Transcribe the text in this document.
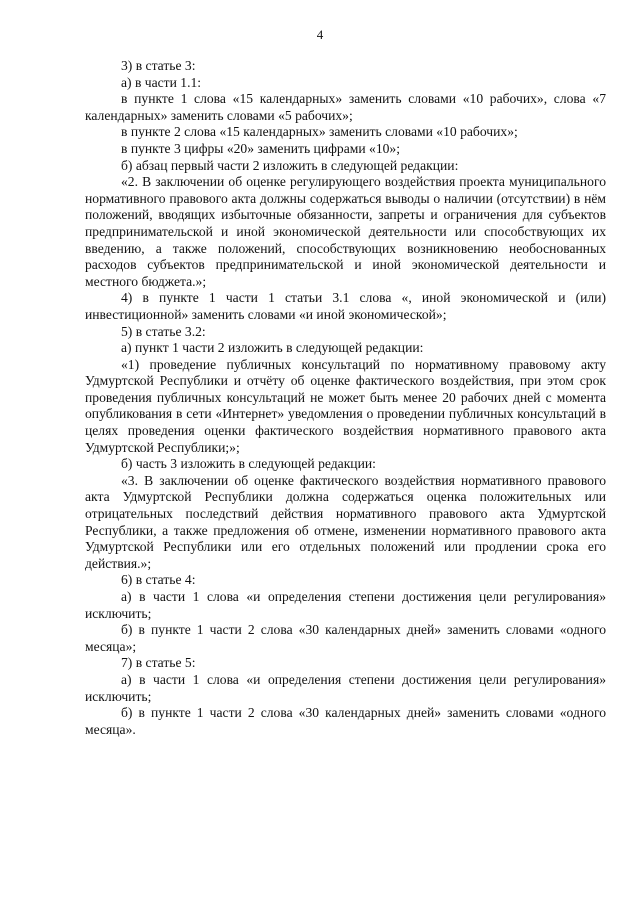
4

3) в статье 3:

а) в части 1.1:

в пункте 1 слова «15 календарных» заменить словами «10 рабочих», слова «7 календарных» заменить словами «5 рабочих»;

в пункте 2 слова «15 календарных» заменить словами «10 рабочих»;

в пункте 3 цифры «20» заменить цифрами «10»;

б) абзац первый части 2 изложить в следующей редакции:

«2. В заключении об оценке регулирующего воздействия проекта муниципального нормативного правового акта должны содержаться выводы о наличии (отсутствии) в нём положений, вводящих избыточные обязанности, запреты и ограничения для субъектов предпринимательской и иной экономической деятельности или способствующих их введению, а также положений, способствующих возникновению необоснованных расходов субъектов предпринимательской и иной экономической деятельности и местного бюджета.»;

4) в пункте 1 части 1 статьи 3.1 слова «, иной экономической и (или) инвестиционной» заменить словами «и иной экономической»;

5) в статье 3.2:

а) пункт 1 части 2 изложить в следующей редакции:

«1) проведение публичных консультаций по нормативному правовому акту Удмуртской Республики и отчёту об оценке фактического воздействия, при этом срок проведения публичных консультаций не может быть менее 20 рабочих дней с момента опубликования в сети «Интернет» уведомления о проведении публичных консультаций в целях проведения оценки фактического воздействия нормативного правового акта Удмуртской Республики;»;

б) часть 3 изложить в следующей редакции:

«3. В заключении об оценке фактического воздействия нормативного правового акта Удмуртской Республики должна содержаться оценка положительных или отрицательных последствий действия нормативного правового акта Удмуртской Республики, а также предложения об отмене, изменении нормативного правового акта Удмуртской Республики или его отдельных положений или продлении срока его действия.»;

6) в статье 4:

а) в части 1 слова «и определения степени достижения цели регулирования» исключить;

б) в пункте 1 части 2 слова «30 календарных дней» заменить словами «одного месяца»;

7) в статье 5:

а) в части 1 слова «и определения степени достижения цели регулирования» исключить;

б) в пункте 1 части 2 слова «30 календарных дней» заменить словами «одного месяца».
